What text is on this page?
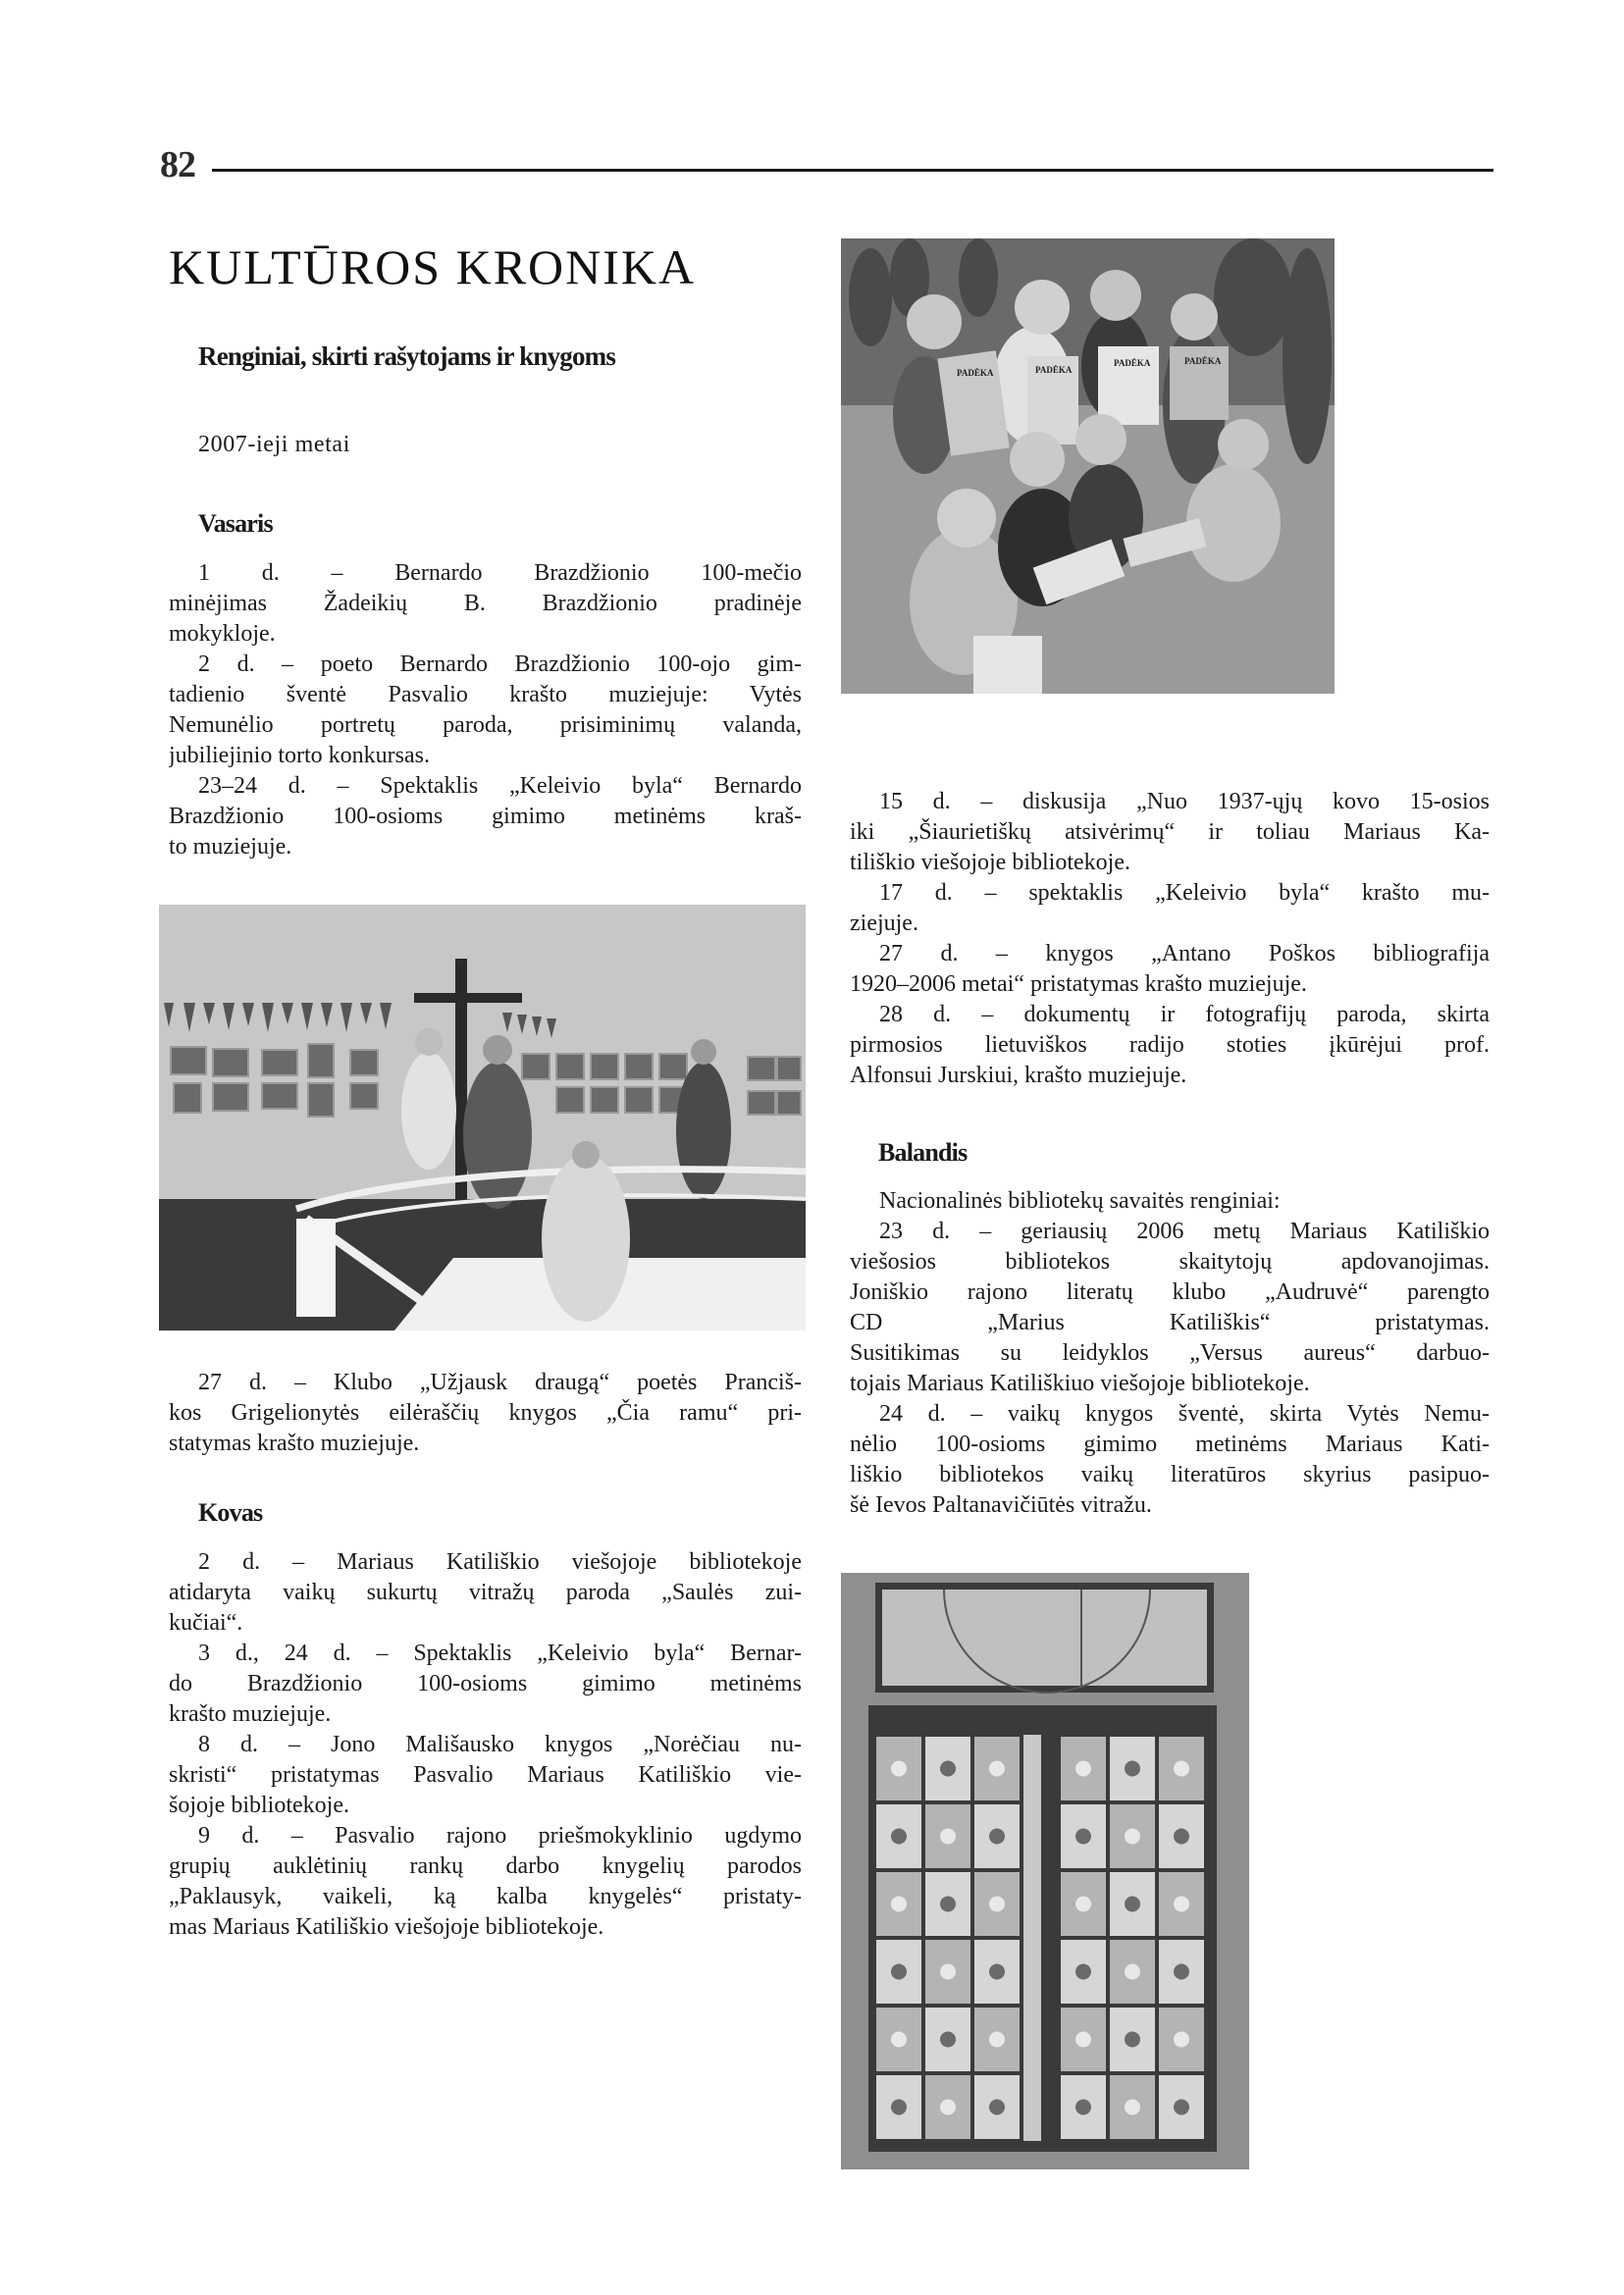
82
KULTŪROS KRONIKA
Renginiai, skirti rašytojams ir knygoms
2007-ieji metai
Vasaris
1 d. – Bernardo Brazdžionio 100-mečio
minėjimas Žadeikių B. Brazdžionio pradinėje
mokykloje.
2 d. – poeto Bernardo Brazdžionio 100-ojo gim-
tadienio šventė Pasvalio krašto muziejuje: Vytės
Nemunėlio portretų paroda, prisiminimų valanda,
jubiliejinio torto konkursas.
23–24 d. – Spektaklis „Keleivio byla“ Bernardo
Brazdžionio 100-osioms gimimo metinėms kraš-
to muziejuje.
27 d. – Klubo „Užjausk draugą“ poetės Pranciš-
kos Grigelionytės eilėraščių knygos „Čia ramu“ pri-
statymas krašto muziejuje.
Kovas
2 d. – Mariaus Katiliškio viešojoje bibliotekoje
atidaryta vaikų sukurtų vitražų paroda „Saulės zui-
kučiai“.
3 d., 24 d. – Spektaklis „Keleivio byla“ Bernar-
do Brazdžionio 100-osioms gimimo metinėms
krašto muziejuje.
8 d. – Jono Mališausko knygos „Norėčiau nu-
skristi“ pristatymas Pasvalio Mariaus Katiliškio vie-
šojoje bibliotekoje.
9 d. – Pasvalio rajono priešmokyklinio ugdymo
grupių auklėtinių rankų darbo knygelių parodos
„Paklausyk, vaikeli, ką kalba knygelės“ pristaty-
mas Mariaus Katiliškio viešojoje bibliotekoje.
PADĖKA	PADĖKA
PADĖKA	PADĖKA
15 d. – diskusija „Nuo 1937-ųjų kovo 15-osios
iki „Šiaurietiškų atsivėrimų“ ir toliau Mariaus Ka-
tiliškio viešojoje bibliotekoje.
17 d. – spektaklis „Keleivio byla“ krašto mu-
ziejuje.
27 d. – knygos „Antano Poškos bibliografija
1920–2006 metai“ pristatymas krašto muziejuje.
28 d. – dokumentų ir fotografijų paroda, skirta
pirmosios lietuviškos radijo stoties įkūrėjui prof.
Alfonsui Jurskiui, krašto muziejuje.
Balandis
Nacionalinės bibliotekų savaitės renginiai:
23 d. – geriausių 2006 metų Mariaus Katiliškio
viešosios bibliotekos skaitytojų apdovanojimas.
Joniškio rajono literatų klubo „Audruvė“ parengto
CD „Marius Katiliškis“ pristatymas.
Susitikimas su leidyklos „Versus aureus“ darbuo-
tojais Mariaus Katiliškiuo viešojoje bibliotekoje.
24 d. – vaikų knygos šventė, skirta Vytės Nemu-
nėlio 100-osioms gimimo metinėms Mariaus Kati-
liškio bibliotekos vaikų literatūros skyrius pasipuo-
šė Ievos Paltanavičiūtės vitražu.
